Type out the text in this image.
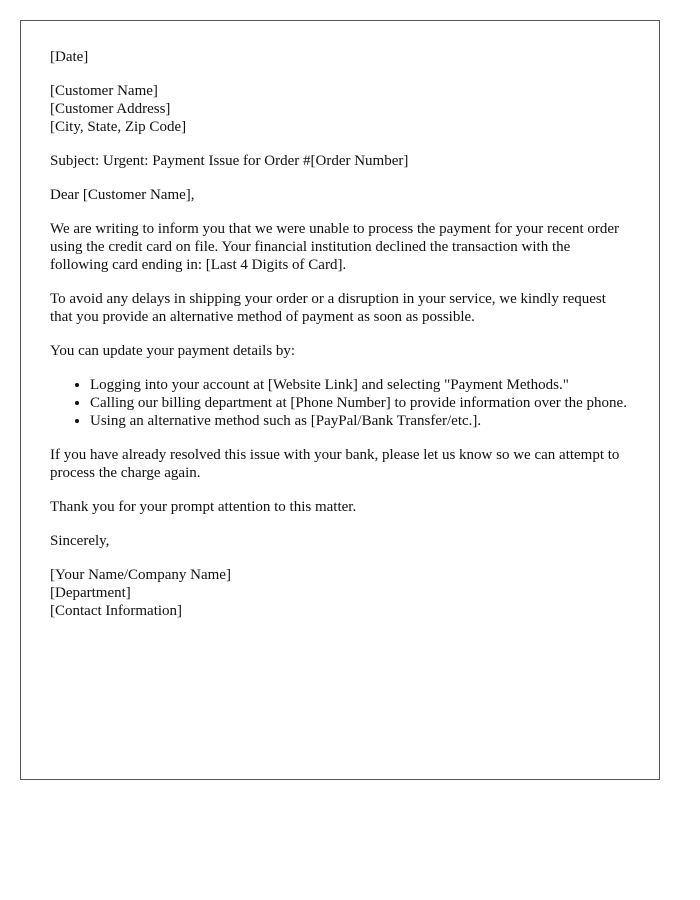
[Date]
[Customer Name]
[Customer Address]
[City, State, Zip Code]

Subject: Urgent: Payment Issue for Order #[Order Number]

Dear [Customer Name],

We are writing to inform you that we were unable to process the payment for your recent order using the credit card on file. Your financial institution declined the transaction with the following card ending in: [Last 4 Digits of Card].

To avoid any delays in shipping your order or a disruption in your service, we kindly request that you provide an alternative method of payment as soon as possible.

You can update your payment details by:

• Logging into your account at [Website Link] and selecting "Payment Methods."
• Calling our billing department at [Phone Number] to provide information over the phone.
• Using an alternative method such as [PayPal/Bank Transfer/etc.].

If you have already resolved this issue with your bank, please let us know so we can attempt to process the charge again.

Thank you for your prompt attention to this matter.

Sincerely,

[Your Name/Company Name]
[Department]
[Contact Information]
